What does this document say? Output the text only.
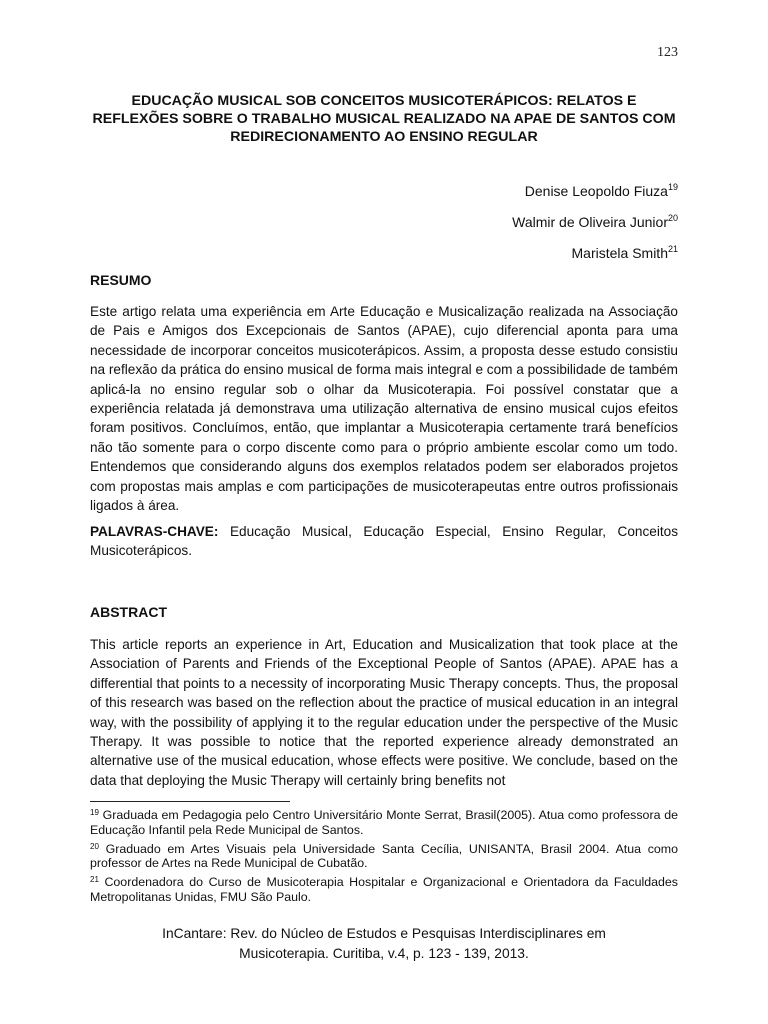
123
EDUCAÇÃO MUSICAL SOB CONCEITOS MUSICOTERÁPICOS: RELATOS E REFLEXÕES SOBRE O TRABALHO MUSICAL REALIZADO NA APAE DE SANTOS COM REDIRECIONAMENTO AO ENSINO REGULAR
Denise Leopoldo Fiuza$^{19}$
Walmir de Oliveira Junior$^{20}$
Maristela Smith$^{21}$
RESUMO
Este artigo relata uma experiência em Arte Educação e Musicalização realizada na Associação de Pais e Amigos dos Excepcionais de Santos (APAE), cujo diferencial aponta para uma necessidade de incorporar conceitos musicoterápicos. Assim, a proposta desse estudo consistiu na reflexão da prática do ensino musical de forma mais integral e com a possibilidade de também aplicá-la no ensino regular sob o olhar da Musicoterapia. Foi possível constatar que a experiência relatada já demonstrava uma utilização alternativa de ensino musical cujos efeitos foram positivos. Concluímos, então, que implantar a Musicoterapia certamente trará benefícios não tão somente para o corpo discente como para o próprio ambiente escolar como um todo. Entendemos que considerando alguns dos exemplos relatados podem ser elaborados projetos com propostas mais amplas e com participações de musicoterapeutas entre outros profissionais ligados à área.
PALAVRAS-CHAVE: Educação Musical, Educação Especial, Ensino Regular, Conceitos Musicoterápicos.
ABSTRACT
This article reports an experience in Art, Education and Musicalization that took place at the Association of Parents and Friends of the Exceptional People of Santos (APAE). APAE has a differential that points to a necessity of incorporating Music Therapy concepts. Thus, the proposal of this research was based on the reflection about the practice of musical education in an integral way, with the possibility of applying it to the regular education under the perspective of the Music Therapy. It was possible to notice that the reported experience already demonstrated an alternative use of the musical education, whose effects were positive. We conclude, based on the data that deploying the Music Therapy will certainly bring benefits not
$^{19}$ Graduada em Pedagogia pelo Centro Universitário Monte Serrat, Brasil(2005). Atua como professora de Educação Infantil pela Rede Municipal de Santos.
$^{20}$ Graduado em Artes Visuais pela Universidade Santa Cecília, UNISANTA, Brasil 2004. Atua como professor de Artes na Rede Municipal de Cubatão.
$^{21}$ Coordenadora do Curso de Musicoterapia Hospitalar e Organizacional e Orientadora da Faculdades Metropolitanas Unidas, FMU São Paulo.
InCantare: Rev. do Núcleo de Estudos e Pesquisas Interdisciplinares em
Musicoterapia. Curitiba, v.4, p. 123 - 139, 2013.
